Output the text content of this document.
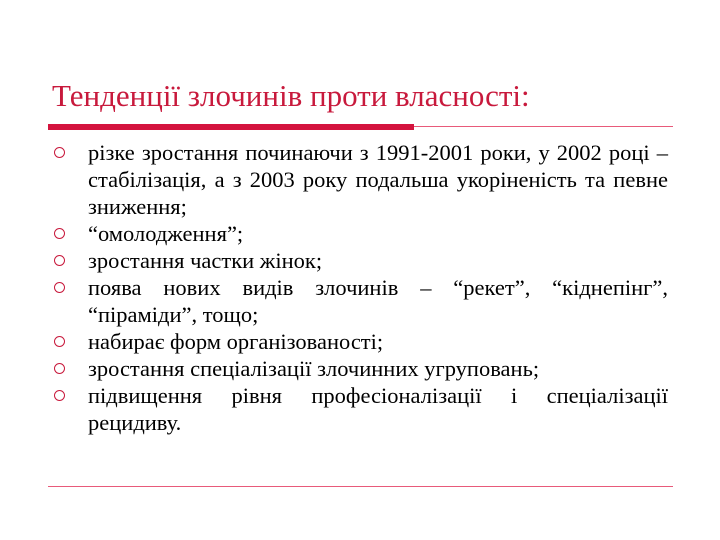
Тенденції злочинів проти власності:
різке зростання починаючи з 1991-2001 роки, у 2002 році – стабілізація, а з 2003 року подальша укоріненість та певне зниження;
“омолодження”;
зростання частки жінок;
поява нових видів злочинів – “рекет”, “кіднепінг”, “піраміди”, тощо;
набирає форм організованості;
зростання спеціалізації злочинних угруповань;
підвищення рівня професіоналізації і спеціалізації рецидиву.
